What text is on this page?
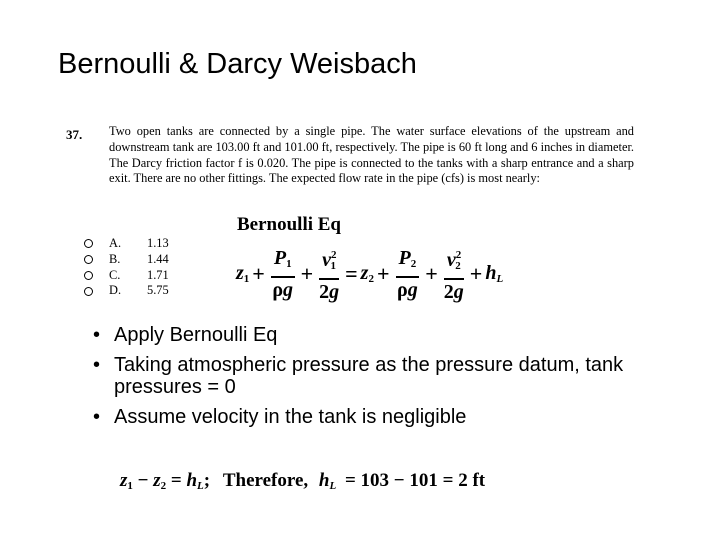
Bernoulli & Darcy Weisbach
37. Two open tanks are connected by a single pipe. The water surface elevations of the upstream and downstream tank are 103.00 ft and 101.00 ft, respectively. The pipe is 60 ft long and 6 inches in diameter. The Darcy friction factor f is 0.020. The pipe is connected to the tanks with a sharp entrance and a sharp exit. There are no other fittings. The expected flow rate in the pipe (cfs) is most nearly:
A.	1.13
B.	1.44
C.	1.71
D.	5.75
Bernoulli Eq
$z_1 + \frac{P_1}{\rho g} + \frac{v^2_1}{2g} = z_2 + \frac{P_2}{\rho g} + \frac{v^2_2}{2g} + h_L$
• Apply Bernoulli Eq
• Taking atmospheric pressure as the pressure datum, tank pressures = 0
• Assume velocity in the tank is negligible
$z_1 - z_2 = h_L$; Therefore, $h_L = 103 - 101 = 2$ ft
